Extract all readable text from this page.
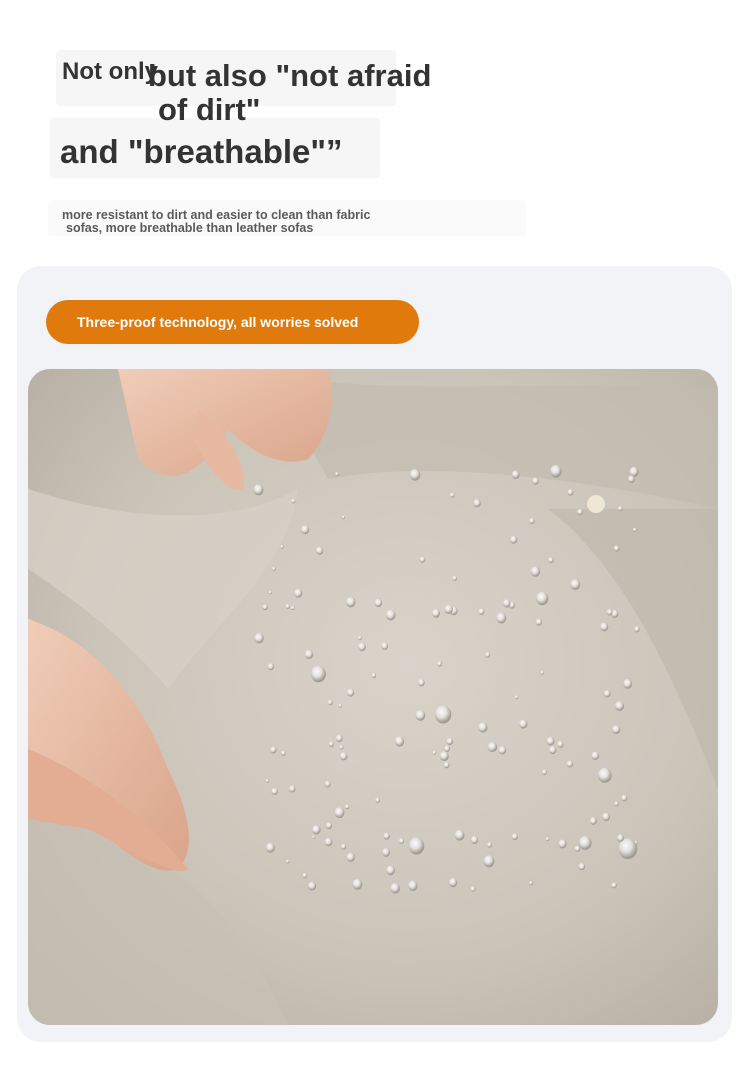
Not only

but also "not afraid

of dirt"

and "breathable"”

more resistant to dirt and easier to clean than fabric
sofas, more breathable than leather sofas

Three-proof technology, all worries solved
